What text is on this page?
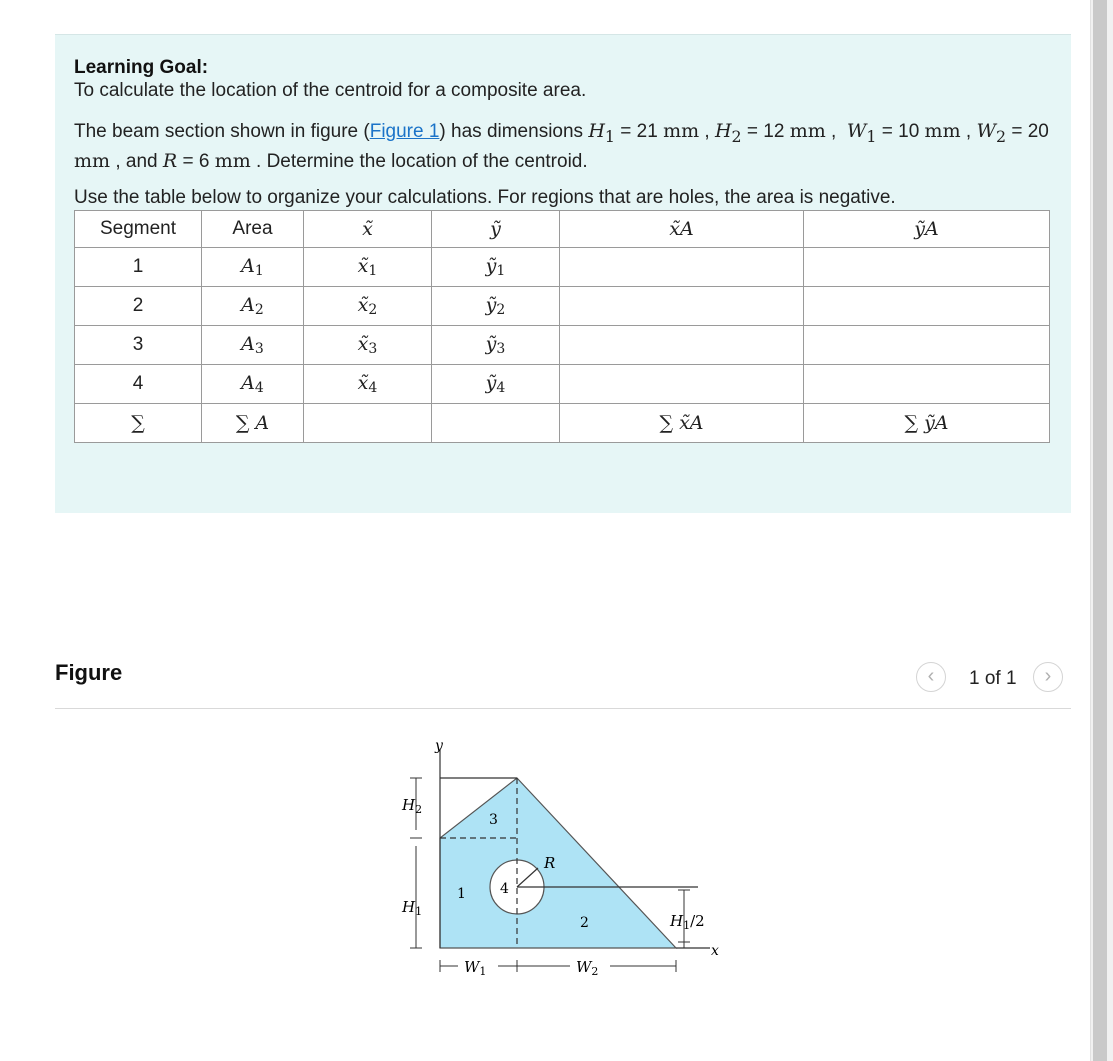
Learning Goal:
To calculate the location of the centroid for a composite area.
The beam section shown in figure (Figure 1) has dimensions $H_1 = 21$ mm , $H_2 = 12$ mm ,  $W_1 = 10$ mm , $W_2 = 20$ mm , and R = 6 mm . Determine the location of the centroid.
Use the table below to organize your calculations. For regions that are holes, the area is negative.
Segment	Area	x̃	ỹ	x̃A	ỹA
1	$A_1$	$x̃_1$	ỹ$_1$		
2	$A_2$	$x̃_2$	ỹ$_2$		
3	$A_3$	$x̃_3$	ỹ$_3$		
4	$A_4$	$x̃_4$	ỹ$_4$		
∑	∑ A			∑ x̃A	∑ ỹA
Figure	‹	1 of 1	›
y
x
$H_2$
$H_1$
$W_1$	$W_2$
R
$H_1/2$
1
2
3
4
